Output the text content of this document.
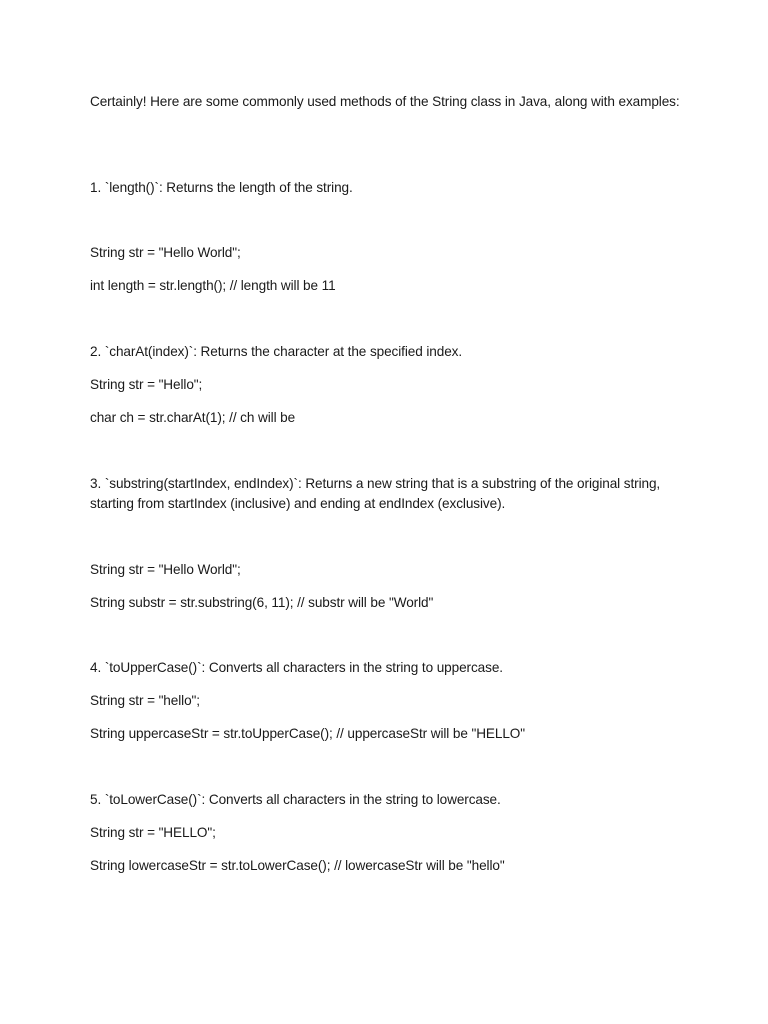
Certainly! Here are some commonly used methods of the String class in Java, along with examples:

1. `length()`: Returns the length of the string.

String str = "Hello World";

int length = str.length(); // length will be 11

2. `charAt(index)`: Returns the character at the specified index.

String str = "Hello";

char ch = str.charAt(1); // ch will be

3. `substring(startIndex, endIndex)`: Returns a new string that is a substring of the original string, starting from startIndex (inclusive) and ending at endIndex (exclusive).

String str = "Hello World";

String substr = str.substring(6, 11); // substr will be "World"

4. `toUpperCase()`: Converts all characters in the string to uppercase.

String str = "hello";

String uppercaseStr = str.toUpperCase(); // uppercaseStr will be "HELLO"

5. `toLowerCase()`: Converts all characters in the string to lowercase.

String str = "HELLO";

String lowercaseStr = str.toLowerCase(); // lowercaseStr will be "hello"
